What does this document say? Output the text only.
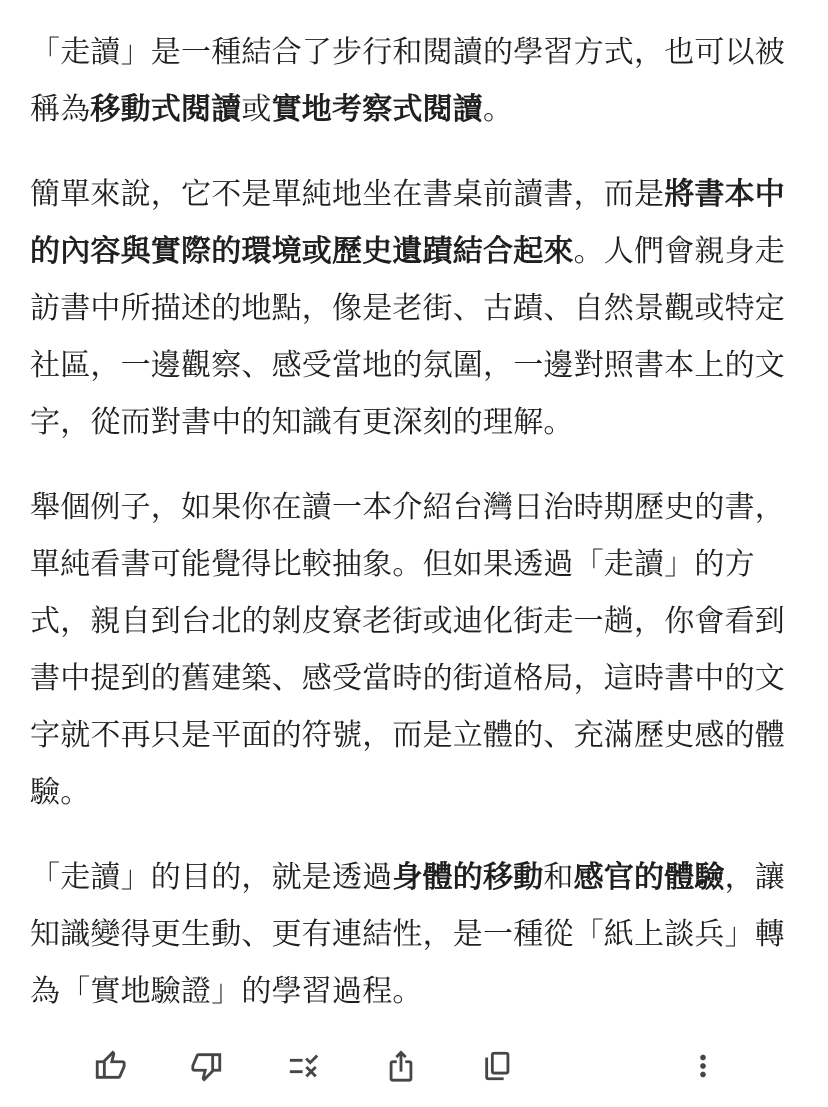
「走讀」是一種結合了步行和閱讀的學習方式，也可以被稱為移動式閱讀或實地考察式閱讀。

簡單來說，它不是單純地坐在書桌前讀書，而是將書本中的內容與實際的環境或歷史遺蹟結合起來。人們會親身走訪書中所描述的地點，像是老街、古蹟、自然景觀或特定社區，一邊觀察、感受當地的氛圍，一邊對照書本上的文字，從而對書中的知識有更深刻的理解。

舉個例子，如果你在讀一本介紹台灣日治時期歷史的書，單純看書可能覺得比較抽象。但如果透過「走讀」的方式，親自到台北的剝皮寮老街或迪化街走一趟，你會看到書中提到的舊建築、感受當時的街道格局，這時書中的文字就不再只是平面的符號，而是立體的、充滿歷史感的體驗。

「走讀」的目的，就是透過身體的移動和感官的體驗，讓知識變得更生動、更有連結性，是一種從「紙上談兵」轉為「實地驗證」的學習過程。
